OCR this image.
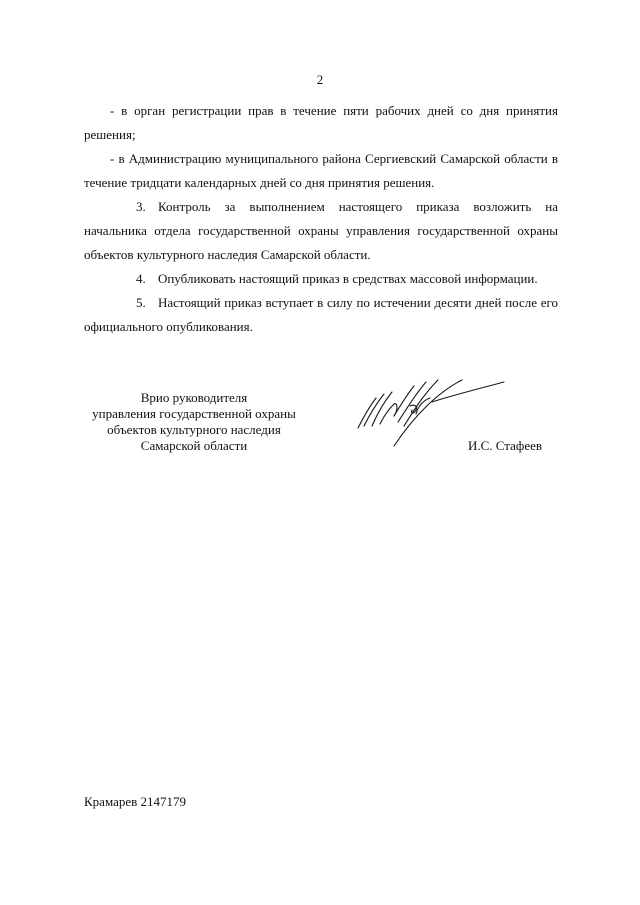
2

- в орган регистрации прав в течение пяти рабочих дней со дня принятия решения;

- в Администрацию муниципального района Сергиевский Самарской области в течение тридцати календарных дней со дня принятия решения.

3. Контроль за выполнением настоящего приказа возложить на начальника отдела государственной охраны управления государственной охраны объектов культурного наследия Самарской области.

4. Опубликовать настоящий приказ в средствах массовой информации.

5. Настоящий приказ вступает в силу по истечении десяти дней после его официального опубликования.

Врио руководителя
управления государственной охраны
объектов культурного наследия
Самарской области	И.С. Стафеев
Крамарев 2147179
